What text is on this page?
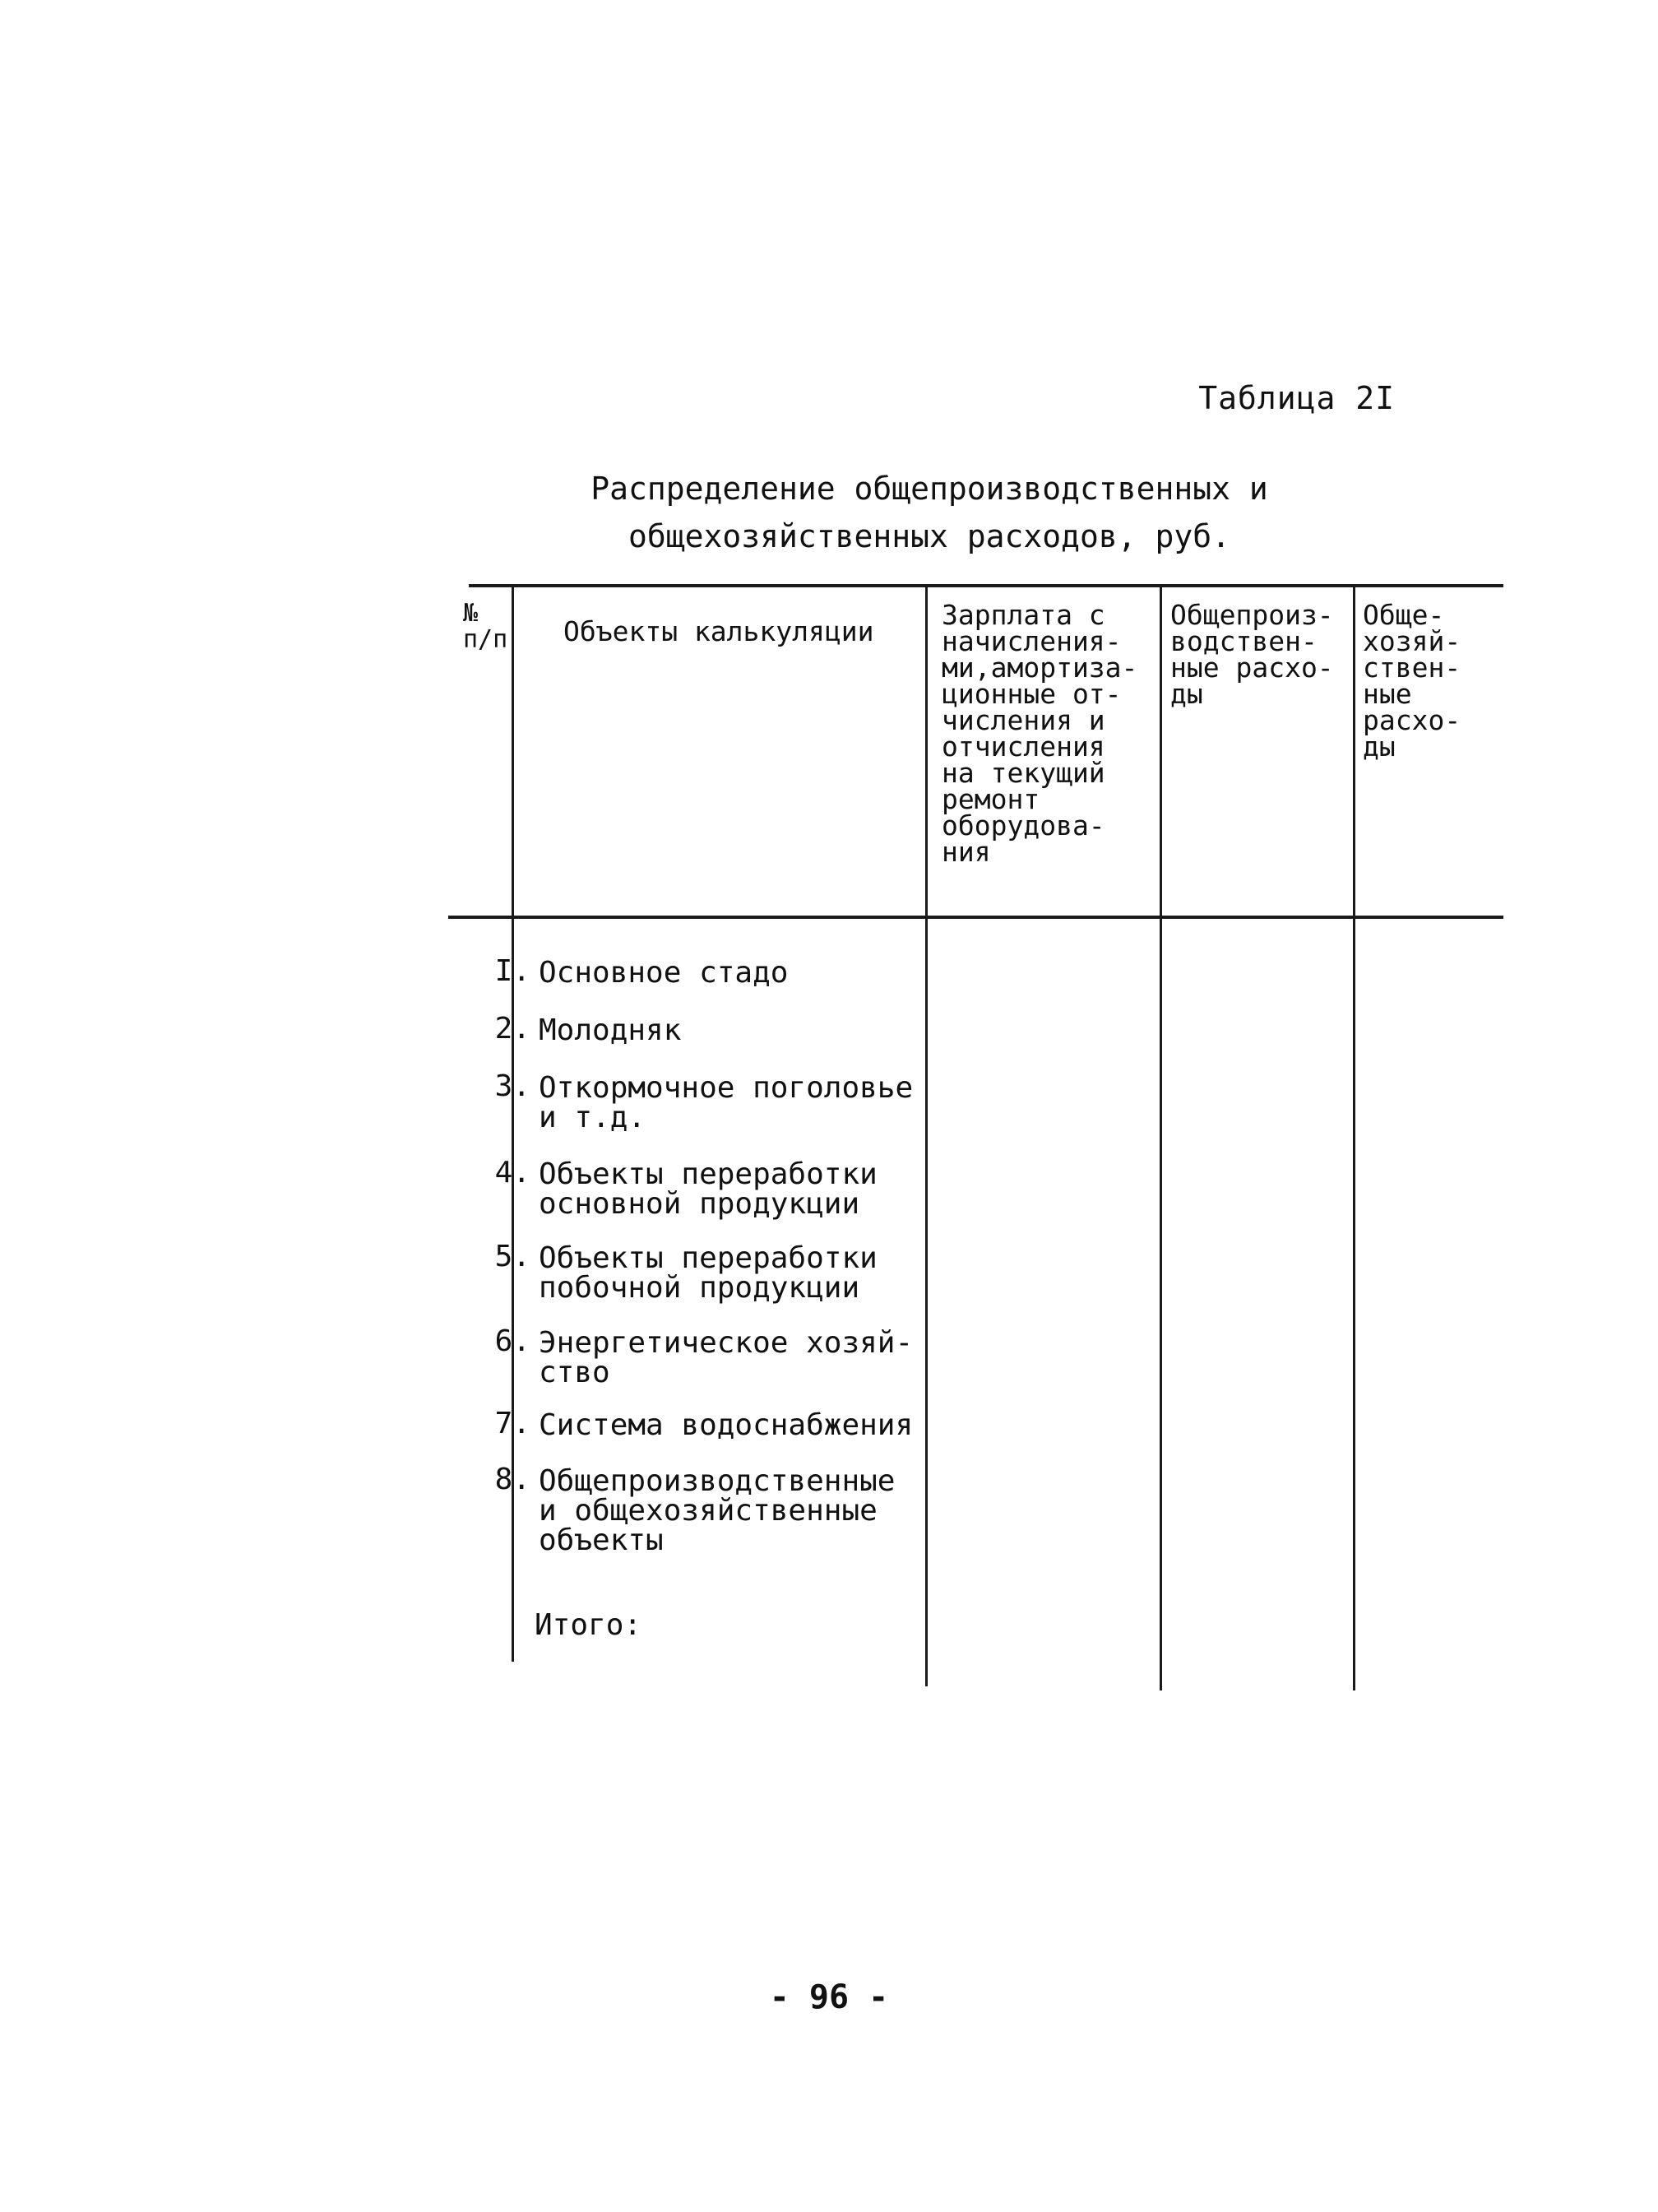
Таблица 2I
Распределение общепроизводственных и
общехозяйственных расходов, руб.
№
п/п Объекты калькуляции
Зарплата с
начисления-
ми,амортиза-
ционные от-
числения и
отчисления
на текущий
ремонт
оборудова-
ния
Общепроиз-
водствен-
ные расхо-
ды
Обще-
хозяй-
ствен-
ные
расхо-
ды
I. Основное стадо
2. Молодняк
3. Откормочное поголовье
и т.д.
4. Объекты переработки
основной продукции
5. Объекты переработки
побочной продукции
6. Энергетическое хозяй-
ство
7. Система водоснабжения
8. Общепроизводственные
и общехозяйственные
объекты
Итого:
- 96 -
